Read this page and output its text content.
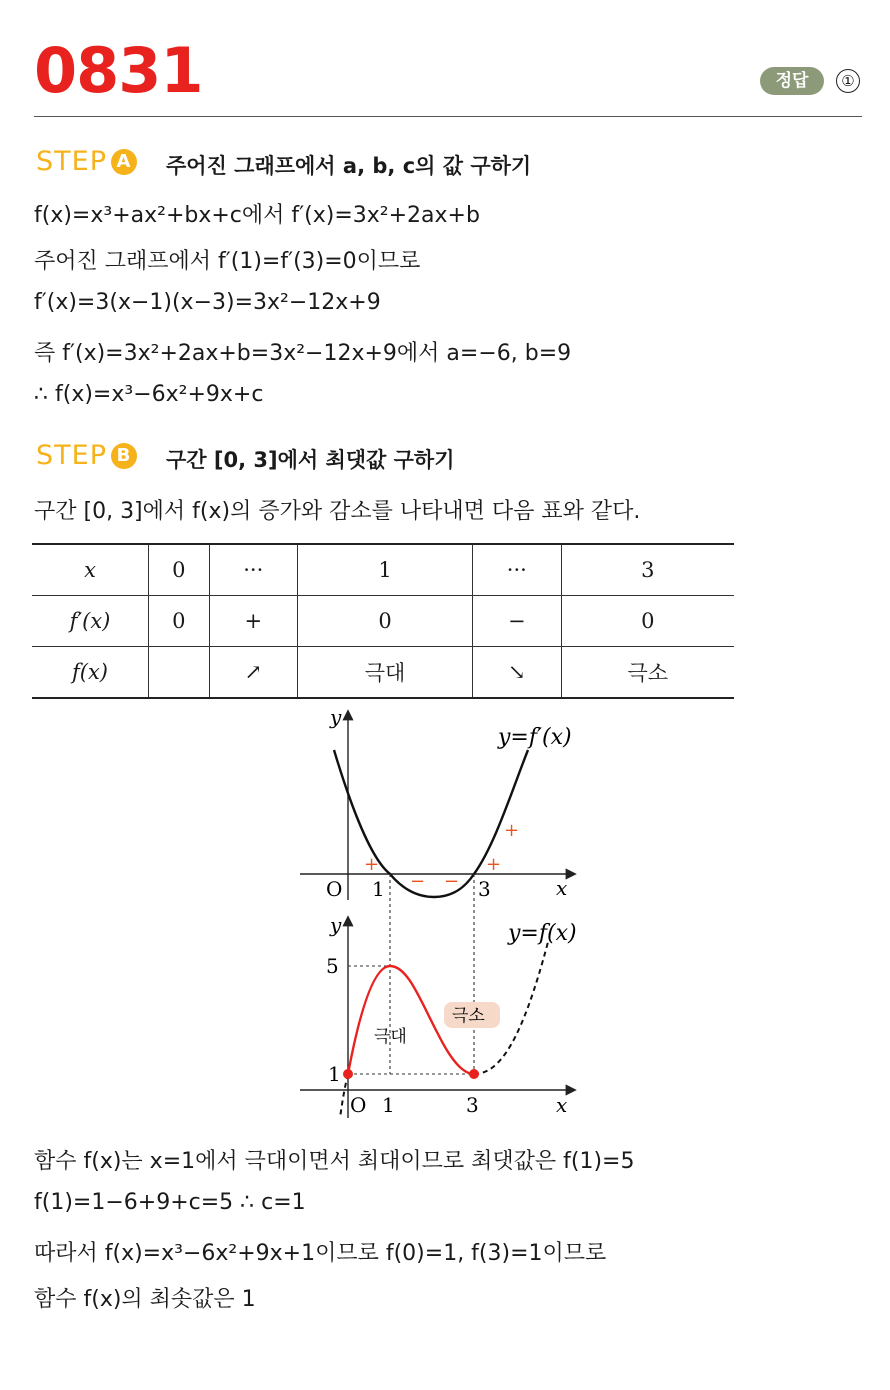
0831	정답	①
STEP A 주어진 그래프에서 a, b, c의 값 구하기
f(x)=x³+ax²+bx+c에서 f′(x)=3x²+2ax+b
주어진 그래프에서 f′(1)=f′(3)=0이므로
f′(x)=3(x−1)(x−3)=3x²−12x+9
즉 f′(x)=3x²+2ax+b=3x²−12x+9에서 a=−6, b=9
∴ f(x)=x³−6x²+9x+c
STEP B 구간 [0, 3]에서 최댓값 구하기
구간 [0, 3]에서 f(x)의 증가와 감소를 나타내면 다음 표와 같다.
x	0	···	1	···	3
f′(x)	0	+	0	−	0
f(x)		↗	극대	↘	극소
y
x
O 1	3
y=f′(x)
+	+
+
− −
극소
극대
y
x
O 1	3
5
1
y=f(x)
함수 f(x)는 x=1에서 극대이면서 최대이므로 최댓값은 f(1)=5
f(1)=1−6+9+c=5 ∴ c=1
따라서 f(x)=x³−6x²+9x+1이므로 f(0)=1, f(3)=1이므로
함수 f(x)의 최솟값은 1
